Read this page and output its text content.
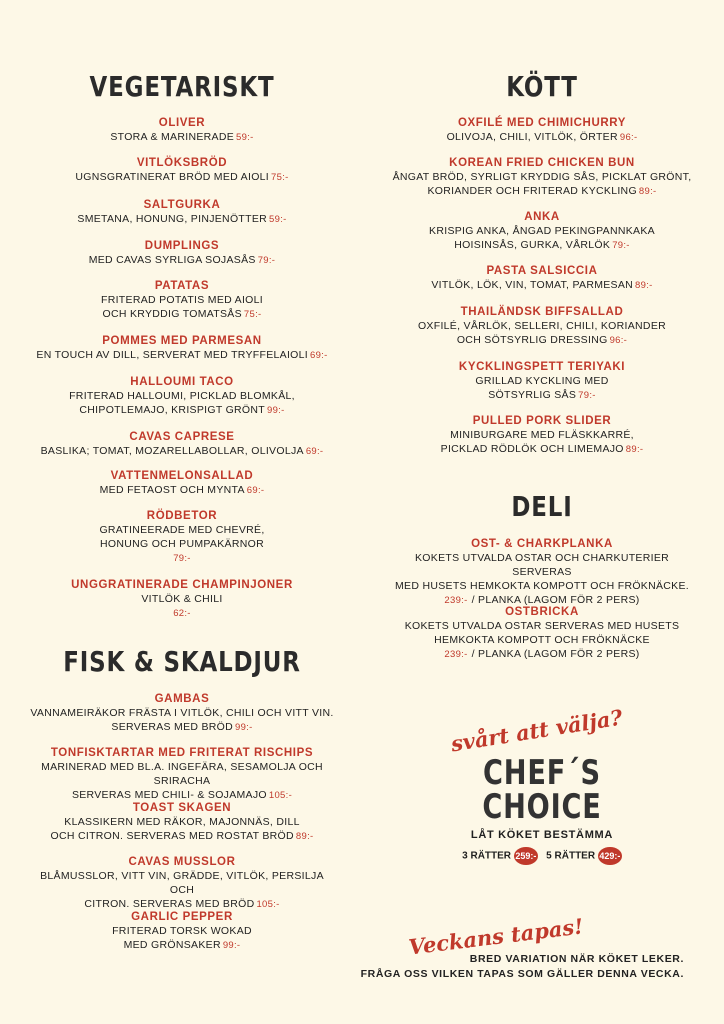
VEGETARISKT
OLIVER
STORA & MARINERADE 59:-
VITLÖKSBRÖD
UGNSGRATINERAT BRÖD MED AIOLI 75:-
SALTGURKA
SMETANA, HONUNG, PINJENÖTTER 59:-
DUMPLINGS
MED CAVAS SYRLIGA SOJASÅS 79:-
PATATAS
FRITERAD POTATIS MED AIOLI
OCH KRYDDIG TOMATSÅS 75:-
POMMES MED PARMESAN
EN TOUCH AV DILL, SERVERAT MED TRYFFELAIOLI 69:-
HALLOUMI TACO
FRITERAD HALLOUMI, PICKLAD BLOMKÅL,
CHIPOTLEMAJO, KRISPIGT GRÖNT 99:-
CAVAS CAPRESE
BASLIKA; TOMAT, MOZARELLABOLLAR, OLIVOLJA 69:-
VATTENMELONSALLAD
MED FETAOST OCH MYNTA 69:-
RÖDBETOR
GRATINEERADE MED CHEVRÉ,
HONUNG OCH PUMPAKÄRNOR
79:-
UNGGRATINERADE CHAMPINJONER
VITLÖK & CHILI
62:-
FISK & SKALDJUR
GAMBAS
VANNAMEIRÄKOR FRÄSTA I VITLÖK, CHILI OCH VITT VIN.
SERVERAS MED BRÖD 99:-
TONFISKTARTAR MED FRITERAT RISCHIPS
MARINERAD MED BL.A. INGEFÄRA, SESAMOLJA OCH SRIRACHA
SERVERAS MED CHILI- & SOJAMAJO 105:-
TOAST SKAGEN
KLASSIKERN MED RÄKOR, MAJONNÄS, DILL
OCH CITRON. SERVERAS MED ROSTAT BRÖD 89:-
CAVAS MUSSLOR
BLÅMUSSLOR, VITT VIN, GRÄDDE, VITLÖK, PERSILJA OCH
CITRON. SERVERAS MED BRÖD 105:-
GARLIC PEPPER
FRITERAD TORSK WOKAD
MED GRÖNSAKER 99:-
KÖTT
OXFILÉ MED CHIMICHURRY
OLIVOJA, CHILI, VITLÖK, ÖRTER 96:-
KOREAN FRIED CHICKEN BUN
ÅNGAT BRÖD, SYRLIGT KRYDDIG SÅS, PICKLAT GRÖNT,
KORIANDER OCH FRITERAD KYCKLING 89:-
ANKA
KRISPIG ANKA, ÅNGAD PEKINGPANNKAKA
HOISINSÅS, GURKA, VÅRLÖK 79:-
PASTA SALSICCIA
VITLÖK, LÖK, VIN, TOMAT, PARMESAN 89:-
THAILÄNDSK BIFFSALLAD
OXFILÉ, VÅRLÖK, SELLERI, CHILI, KORIANDER
OCH SÖTSYRLIG DRESSING 96:-
KYCKLINGSPETT TERIYAKI
GRILLAD KYCKLING MED
SÖTSYRLIG SÅS 79:-
PULLED PORK SLIDER
MINIBURGARE MED FLÄSKKARRÉ,
PICKLAD RÖDLÖK OCH LIMEMAJO 89:-
DELI
OST- & CHARKPLANKA
KOKETS UTVALDA OSTAR OCH CHARKUTERIER SERVERAS
MED HUSETS HEMKOKTA KOMPOTT OCH FRÖKNÄCKE.
239:- / PLANKA (LAGOM FÖR 2 PERS)
OSTBRICKA
KOKETS UTVALDA OSTAR SERVERAS MED HUSETS
HEMKOKTA KOMPOTT OCH FRÖKNÄCKE
239:- / PLANKA (LAGOM FÖR 2 PERS)
svårt att välja?
CHEF´S
CHOICE
LÅT KÖKET BESTÄMMA
3 RÄTTER 259:- 5 RÄTTER 429:-
Veckans tapas!
BRED VARIATION NÄR KÖKET LEKER.
FRÅGA OSS VILKEN TAPAS SOM GÄLLER DENNA VECKA.
